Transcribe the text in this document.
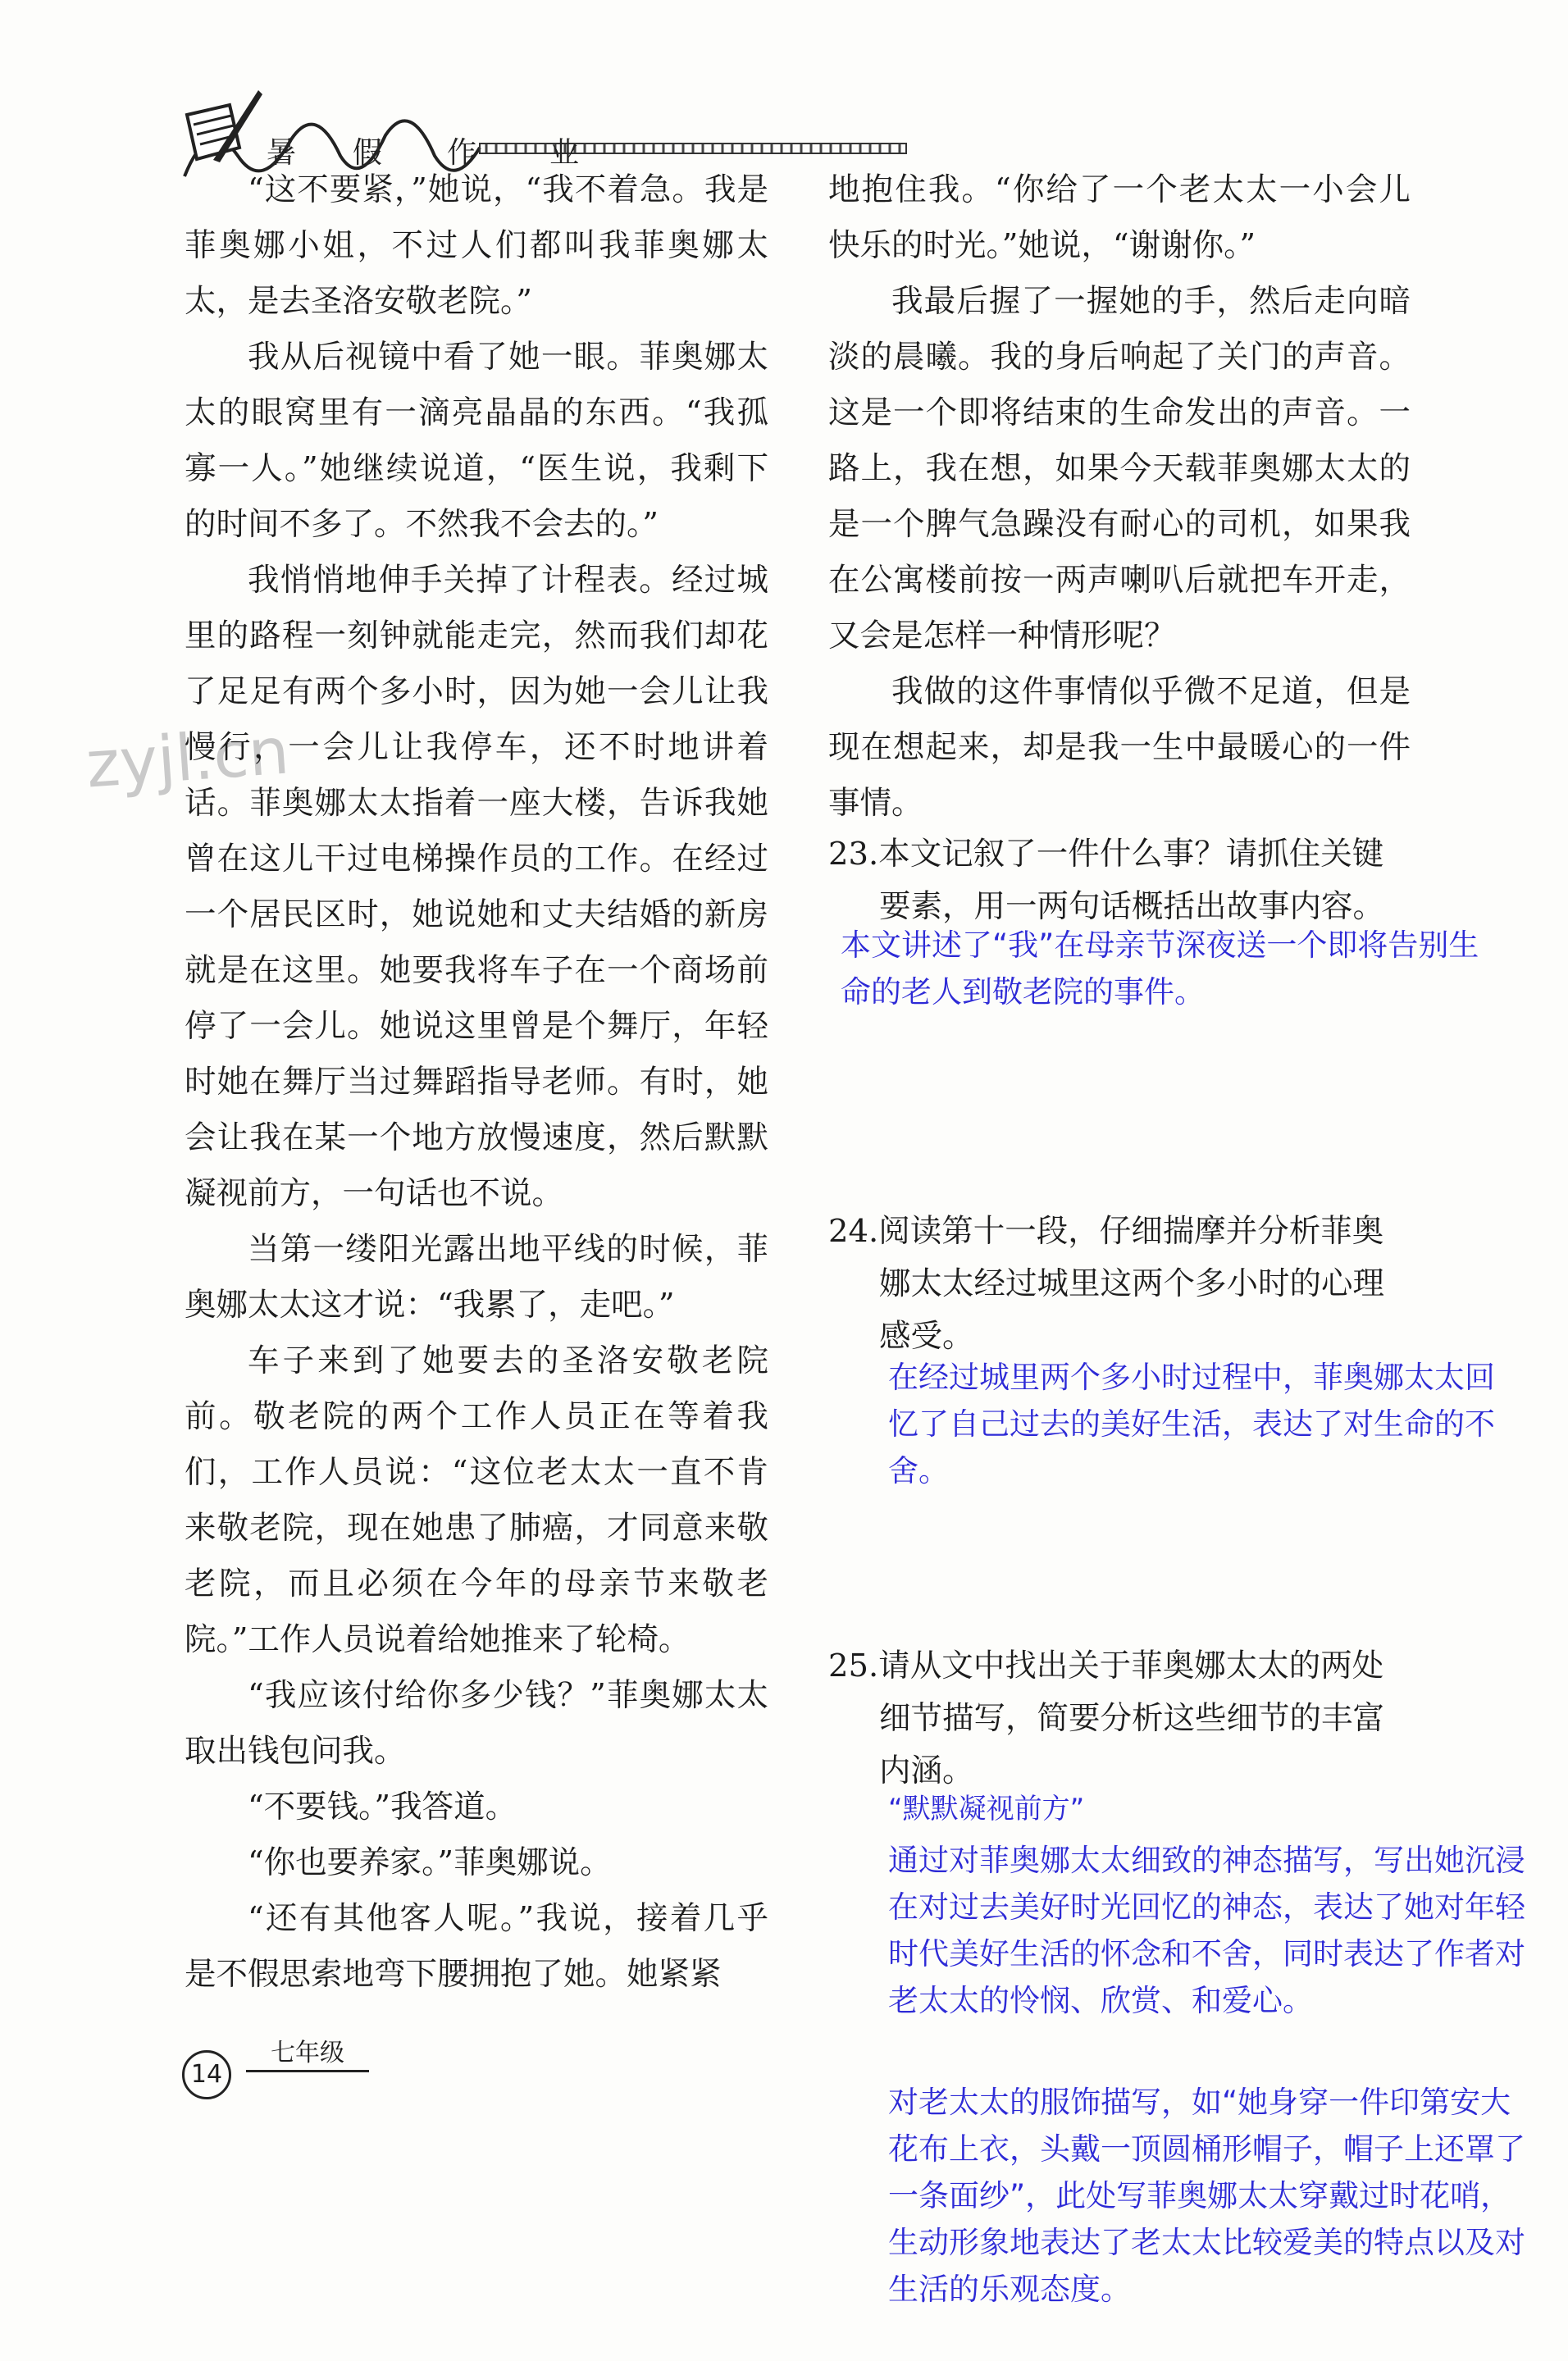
暑 假 作 业
zyjl.cn

“这不要紧，”她说，“我不着急。我是菲奥娜小姐，不过人们都叫我菲奥娜太太，是去圣洛安敬老院。”

我从后视镜中看了她一眼。菲奥娜太太的眼窝里有一滴亮晶晶的东西。“我孤寡一人。”她继续说道，“医生说，我剩下的时间不多了。不然我不会去的。”

我悄悄地伸手关掉了计程表。经过城里的路程一刻钟就能走完，然而我们却花了足足有两个多小时，因为她一会儿让我慢行，一会儿让我停车，还不时地讲着话。菲奥娜太太指着一座大楼，告诉我她曾在这儿干过电梯操作员的工作。在经过一个居民区时，她说她和丈夫结婚的新房就是在这里。她要我将车子在一个商场前停了一会儿。她说这里曾是个舞厅，年轻时她在舞厅当过舞蹈指导老师。有时，她会让我在某一个地方放慢速度，然后默默凝视前方，一句话也不说。

当第一缕阳光露出地平线的时候，菲奥娜太太这才说：“我累了，走吧。”

车子来到了她要去的圣洛安敬老院前。敬老院的两个工作人员正在等着我们，工作人员说：“这位老太太一直不肯来敬老院，现在她患了肺癌，才同意来敬老院，而且必须在今年的母亲节来敬老院。”工作人员说着给她推来了轮椅。

“我应该付给你多少钱？”菲奥娜太太取出钱包问我。

“不要钱。”我答道。

“你也要养家。”菲奥娜说。

“还有其他客人呢。”我说，接着几乎是不假思索地弯下腰拥抱了她。她紧紧

地抱住我。“你给了一个老太太一小会儿快乐的时光。”她说，“谢谢你。”

我最后握了一握她的手，然后走向暗淡的晨曦。我的身后响起了关门的声音。这是一个即将结束的生命发出的声音。一路上，我在想，如果今天载菲奥娜太太的是一个脾气急躁没有耐心的司机，如果我在公寓楼前按一两声喇叭后就把车开走，又会是怎样一种情形呢？

我做的这件事情似乎微不足道，但是现在想起来，却是我一生中最暖心的一件事情。

23.本文记叙了一件什么事？请抓住关键
要素，用一两句话概括出故事内容。
本文讲述了“我”在母亲节深夜送一个即将告别生命的老人到敬老院的事件。
24.阅读第十一段，仔细揣摩并分析菲奥
娜太太经过城里这两个多小时的心理感受。
在经过城里两个多小时过程中，菲奥娜太太回忆了自己过去的美好生活，表达了对生命的不舍。
25.请从文中找出关于菲奥娜太太的两处
细节描写，简要分析这些细节的丰富内涵。
“默默凝视前方”
通过对菲奥娜太太细致的神态描写，写出她沉浸在对过去美好时光回忆的神态，表达了她对年轻时代美好生活的怀念和不舍，同时表达了作者对老太太的怜悯、欣赏、和爱心。
对老太太的服饰描写，如“她身穿一件印第安大花布上衣，头戴一顶圆桶形帽子，帽子上还罩了一条面纱”，此处写菲奥娜太太穿戴过时花哨，生动形象地表达了老太太比较爱美的特点以及对生活的乐观态度。
14
七年级
